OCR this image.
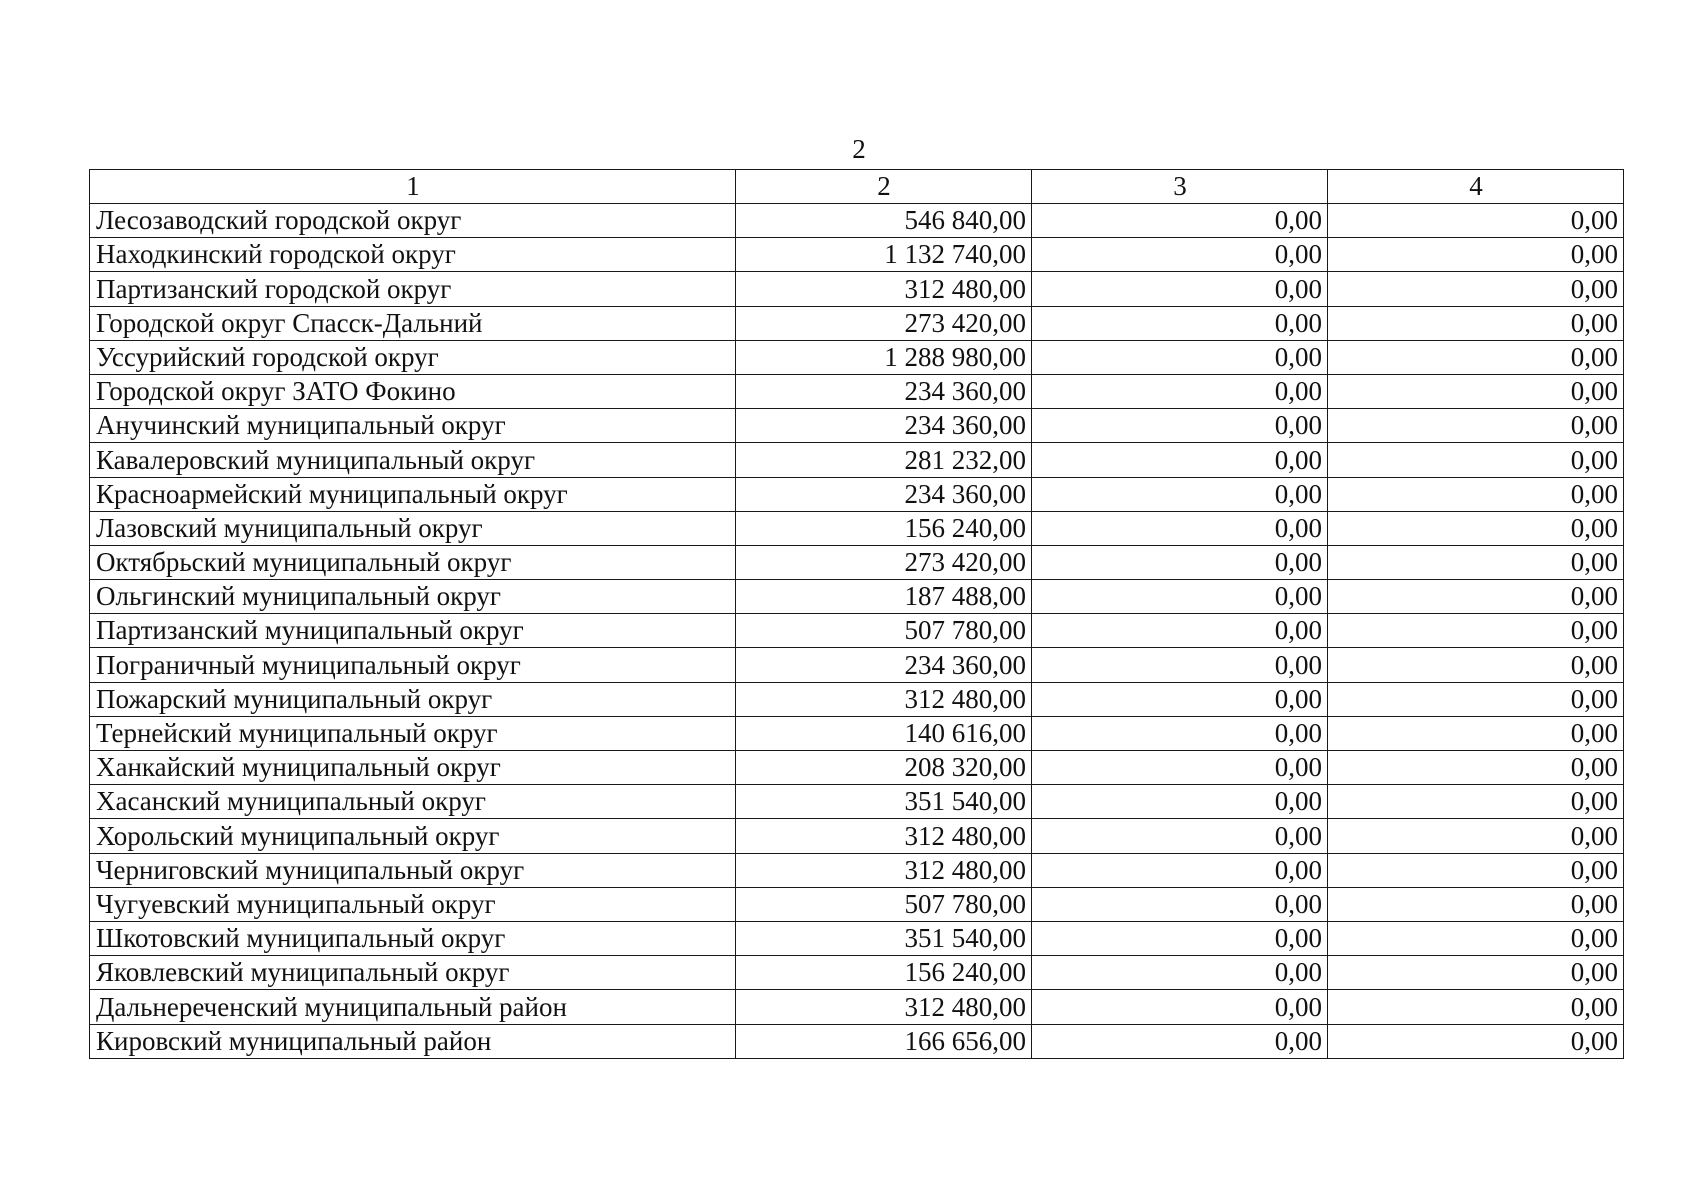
2
1	2	3	4
Лесозаводский городской округ	546 840,00	0,00	0,00
Находкинский городской округ	1 132 740,00	0,00	0,00
Партизанский городской округ	312 480,00	0,00	0,00
Городской округ Спасск-Дальний	273 420,00	0,00	0,00
Уссурийский городской округ	1 288 980,00	0,00	0,00
Городской округ ЗАТО Фокино	234 360,00	0,00	0,00
Анучинский муниципальный округ	234 360,00	0,00	0,00
Кавалеровский муниципальный округ	281 232,00	0,00	0,00
Красноармейский муниципальный округ	234 360,00	0,00	0,00
Лазовский муниципальный округ	156 240,00	0,00	0,00
Октябрьский муниципальный округ	273 420,00	0,00	0,00
Ольгинский муниципальный округ	187 488,00	0,00	0,00
Партизанский муниципальный округ	507 780,00	0,00	0,00
Пограничный муниципальный округ	234 360,00	0,00	0,00
Пожарский муниципальный округ	312 480,00	0,00	0,00
Тернейский муниципальный округ	140 616,00	0,00	0,00
Ханкайский муниципальный округ	208 320,00	0,00	0,00
Хасанский муниципальный округ	351 540,00	0,00	0,00
Хорольский муниципальный округ	312 480,00	0,00	0,00
Черниговский муниципальный округ	312 480,00	0,00	0,00
Чугуевский муниципальный округ	507 780,00	0,00	0,00
Шкотовский муниципальный округ	351 540,00	0,00	0,00
Яковлевский муниципальный округ	156 240,00	0,00	0,00
Дальнереченский муниципальный район	312 480,00	0,00	0,00
Кировский муниципальный район	166 656,00	0,00	0,00
